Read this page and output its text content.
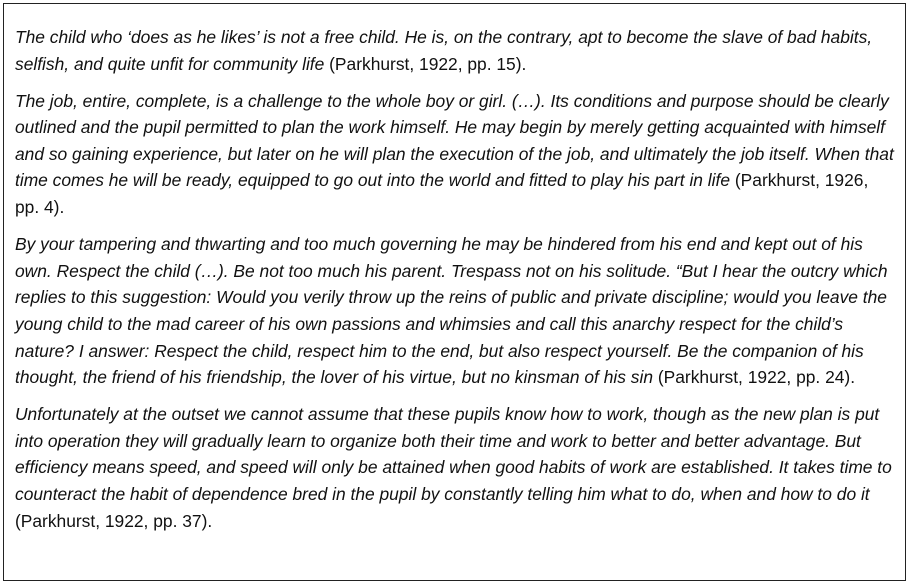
The child who ‘does as he likes’ is not a free child. He is, on the contrary, apt to become the slave of bad habits, selfish, and quite unfit for community life (Parkhurst, 1922, pp. 15).

The job, entire, complete, is a challenge to the whole boy or girl. (…). Its conditions and purpose should be clearly outlined and the pupil permitted to plan the work himself. He may begin by merely getting acquainted with himself and so gaining experience, but later on he will plan the execution of the job, and ultimately the job itself. When that time comes he will be ready, equipped to go out into the world and fitted to play his part in life (Parkhurst, 1926, pp. 4).

By your tampering and thwarting and too much governing he may be hindered from his end and kept out of his own. Respect the child (…). Be not too much his parent. Trespass not on his solitude. “But I hear the outcry which replies to this suggestion: Would you verily throw up the reins of public and private discipline; would you leave the young child to the mad career of his own passions and whimsies and call this anarchy respect for the child’s nature? I answer: Respect the child, respect him to the end, but also respect yourself. Be the companion of his thought, the friend of his friendship, the lover of his virtue, but no kinsman of his sin (Parkhurst, 1922, pp. 24).

Unfortunately at the outset we cannot assume that these pupils know how to work, though as the new plan is put into operation they will gradually learn to organize both their time and work to better and better advantage. But efficiency means speed, and speed will only be attained when good habits of work are established. It takes time to counteract the habit of dependence bred in the pupil by constantly telling him what to do, when and how to do it (Parkhurst, 1922, pp. 37).
